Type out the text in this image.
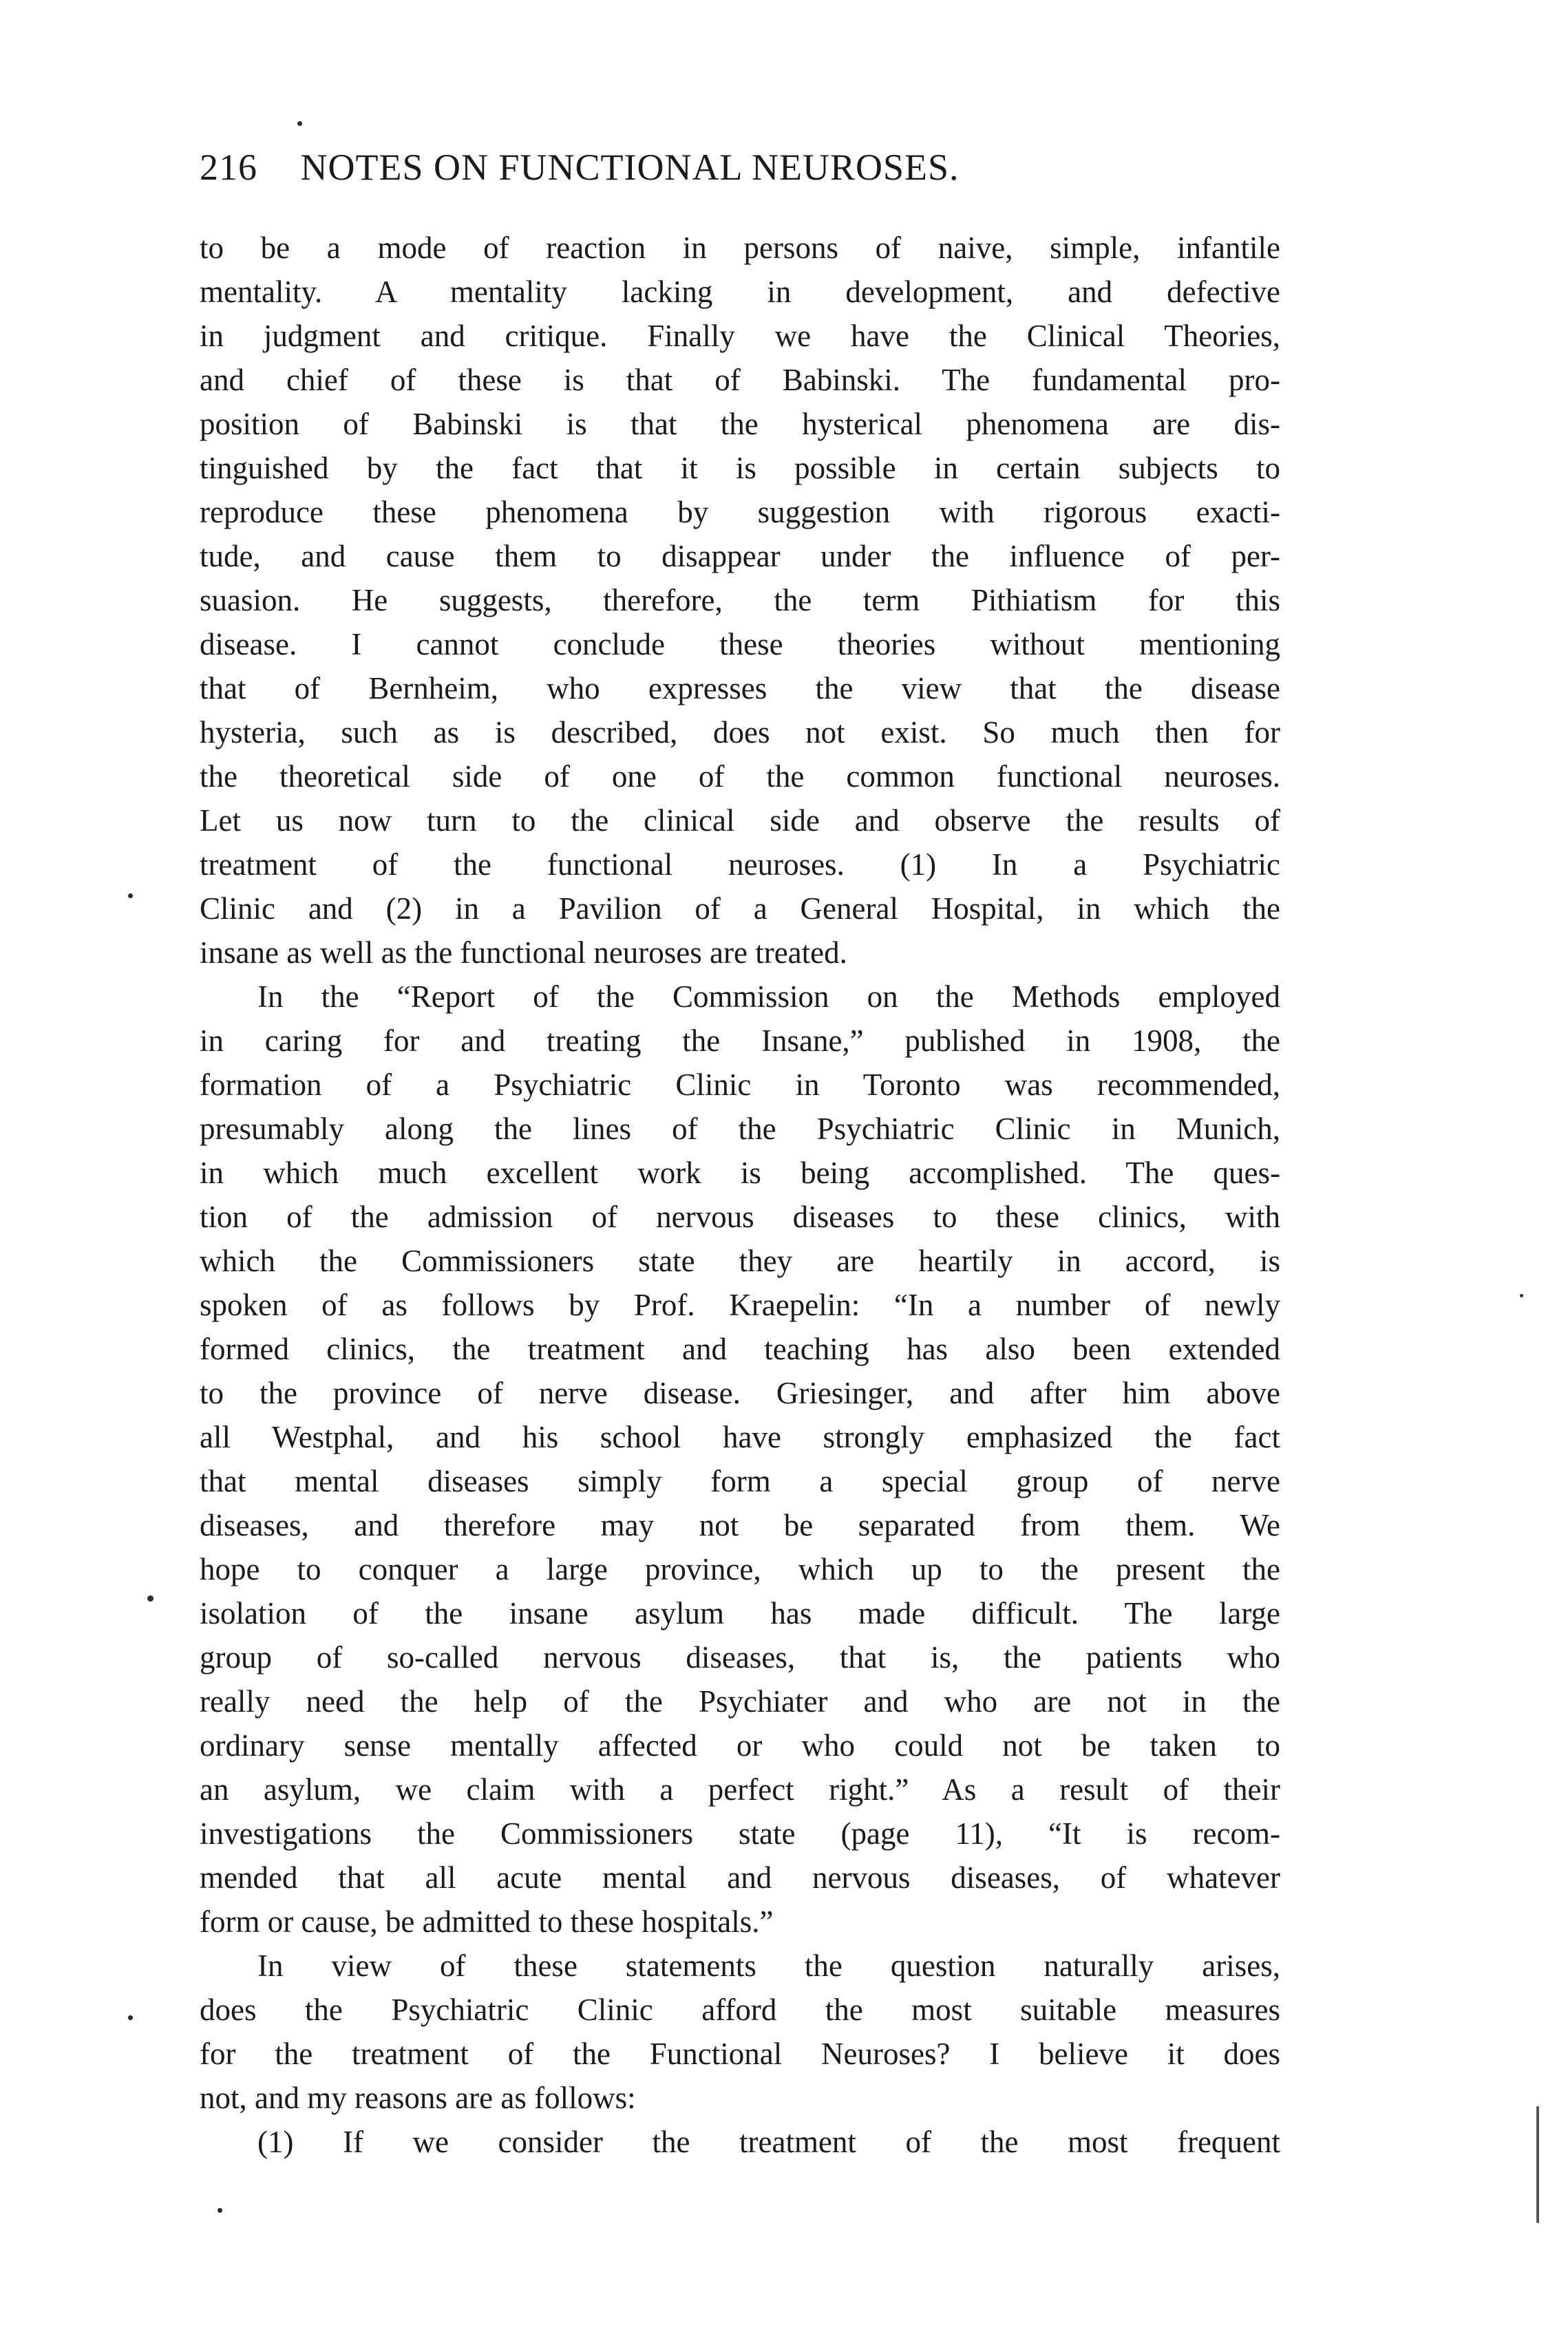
216 NOTES ON FUNCTIONAL NEUROSES.
to be a mode of reaction in persons of naive, simple, infantile
mentality. A mentality lacking in development, and defective
in judgment and critique. Finally we have the Clinical Theories,
and chief of these is that of Babinski. The fundamental pro-
position of Babinski is that the hysterical phenomena are dis-
tinguished by the fact that it is possible in certain subjects to
reproduce these phenomena by suggestion with rigorous exacti-
tude, and cause them to disappear under the influence of per-
suasion. He suggests, therefore, the term Pithiatism for this
disease. I cannot conclude these theories without mentioning
that of Bernheim, who expresses the view that the disease
hysteria, such as is described, does not exist. So much then for
the theoretical side of one of the common functional neuroses.
Let us now turn to the clinical side and observe the results of
treatment of the functional neuroses. (1) In a Psychiatric
Clinic and (2) in a Pavilion of a General Hospital, in which the
insane as well as the functional neuroses are treated.
In the “Report of the Commission on the Methods employed
in caring for and treating the Insane,” published in 1908, the
formation of a Psychiatric Clinic in Toronto was recommended,
presumably along the lines of the Psychiatric Clinic in Munich,
in which much excellent work is being accomplished. The ques-
tion of the admission of nervous diseases to these clinics, with
which the Commissioners state they are heartily in accord, is
spoken of as follows by Prof. Kraepelin: “In a number of newly
formed clinics, the treatment and teaching has also been extended
to the province of nerve disease. Griesinger, and after him above
all Westphal, and his school have strongly emphasized the fact
that mental diseases simply form a special group of nerve
diseases, and therefore may not be separated from them. We
hope to conquer a large province, which up to the present the
isolation of the insane asylum has made difficult. The large
group of so-called nervous diseases, that is, the patients who
really need the help of the Psychiater and who are not in the
ordinary sense mentally affected or who could not be taken to
an asylum, we claim with a perfect right.” As a result of their
investigations the Commissioners state (page 11), “It is recom-
mended that all acute mental and nervous diseases, of whatever
form or cause, be admitted to these hospitals.”
In view of these statements the question naturally arises,
does the Psychiatric Clinic afford the most suitable measures
for the treatment of the Functional Neuroses? I believe it does
not, and my reasons are as follows:
(1) If we consider the treatment of the most frequent
